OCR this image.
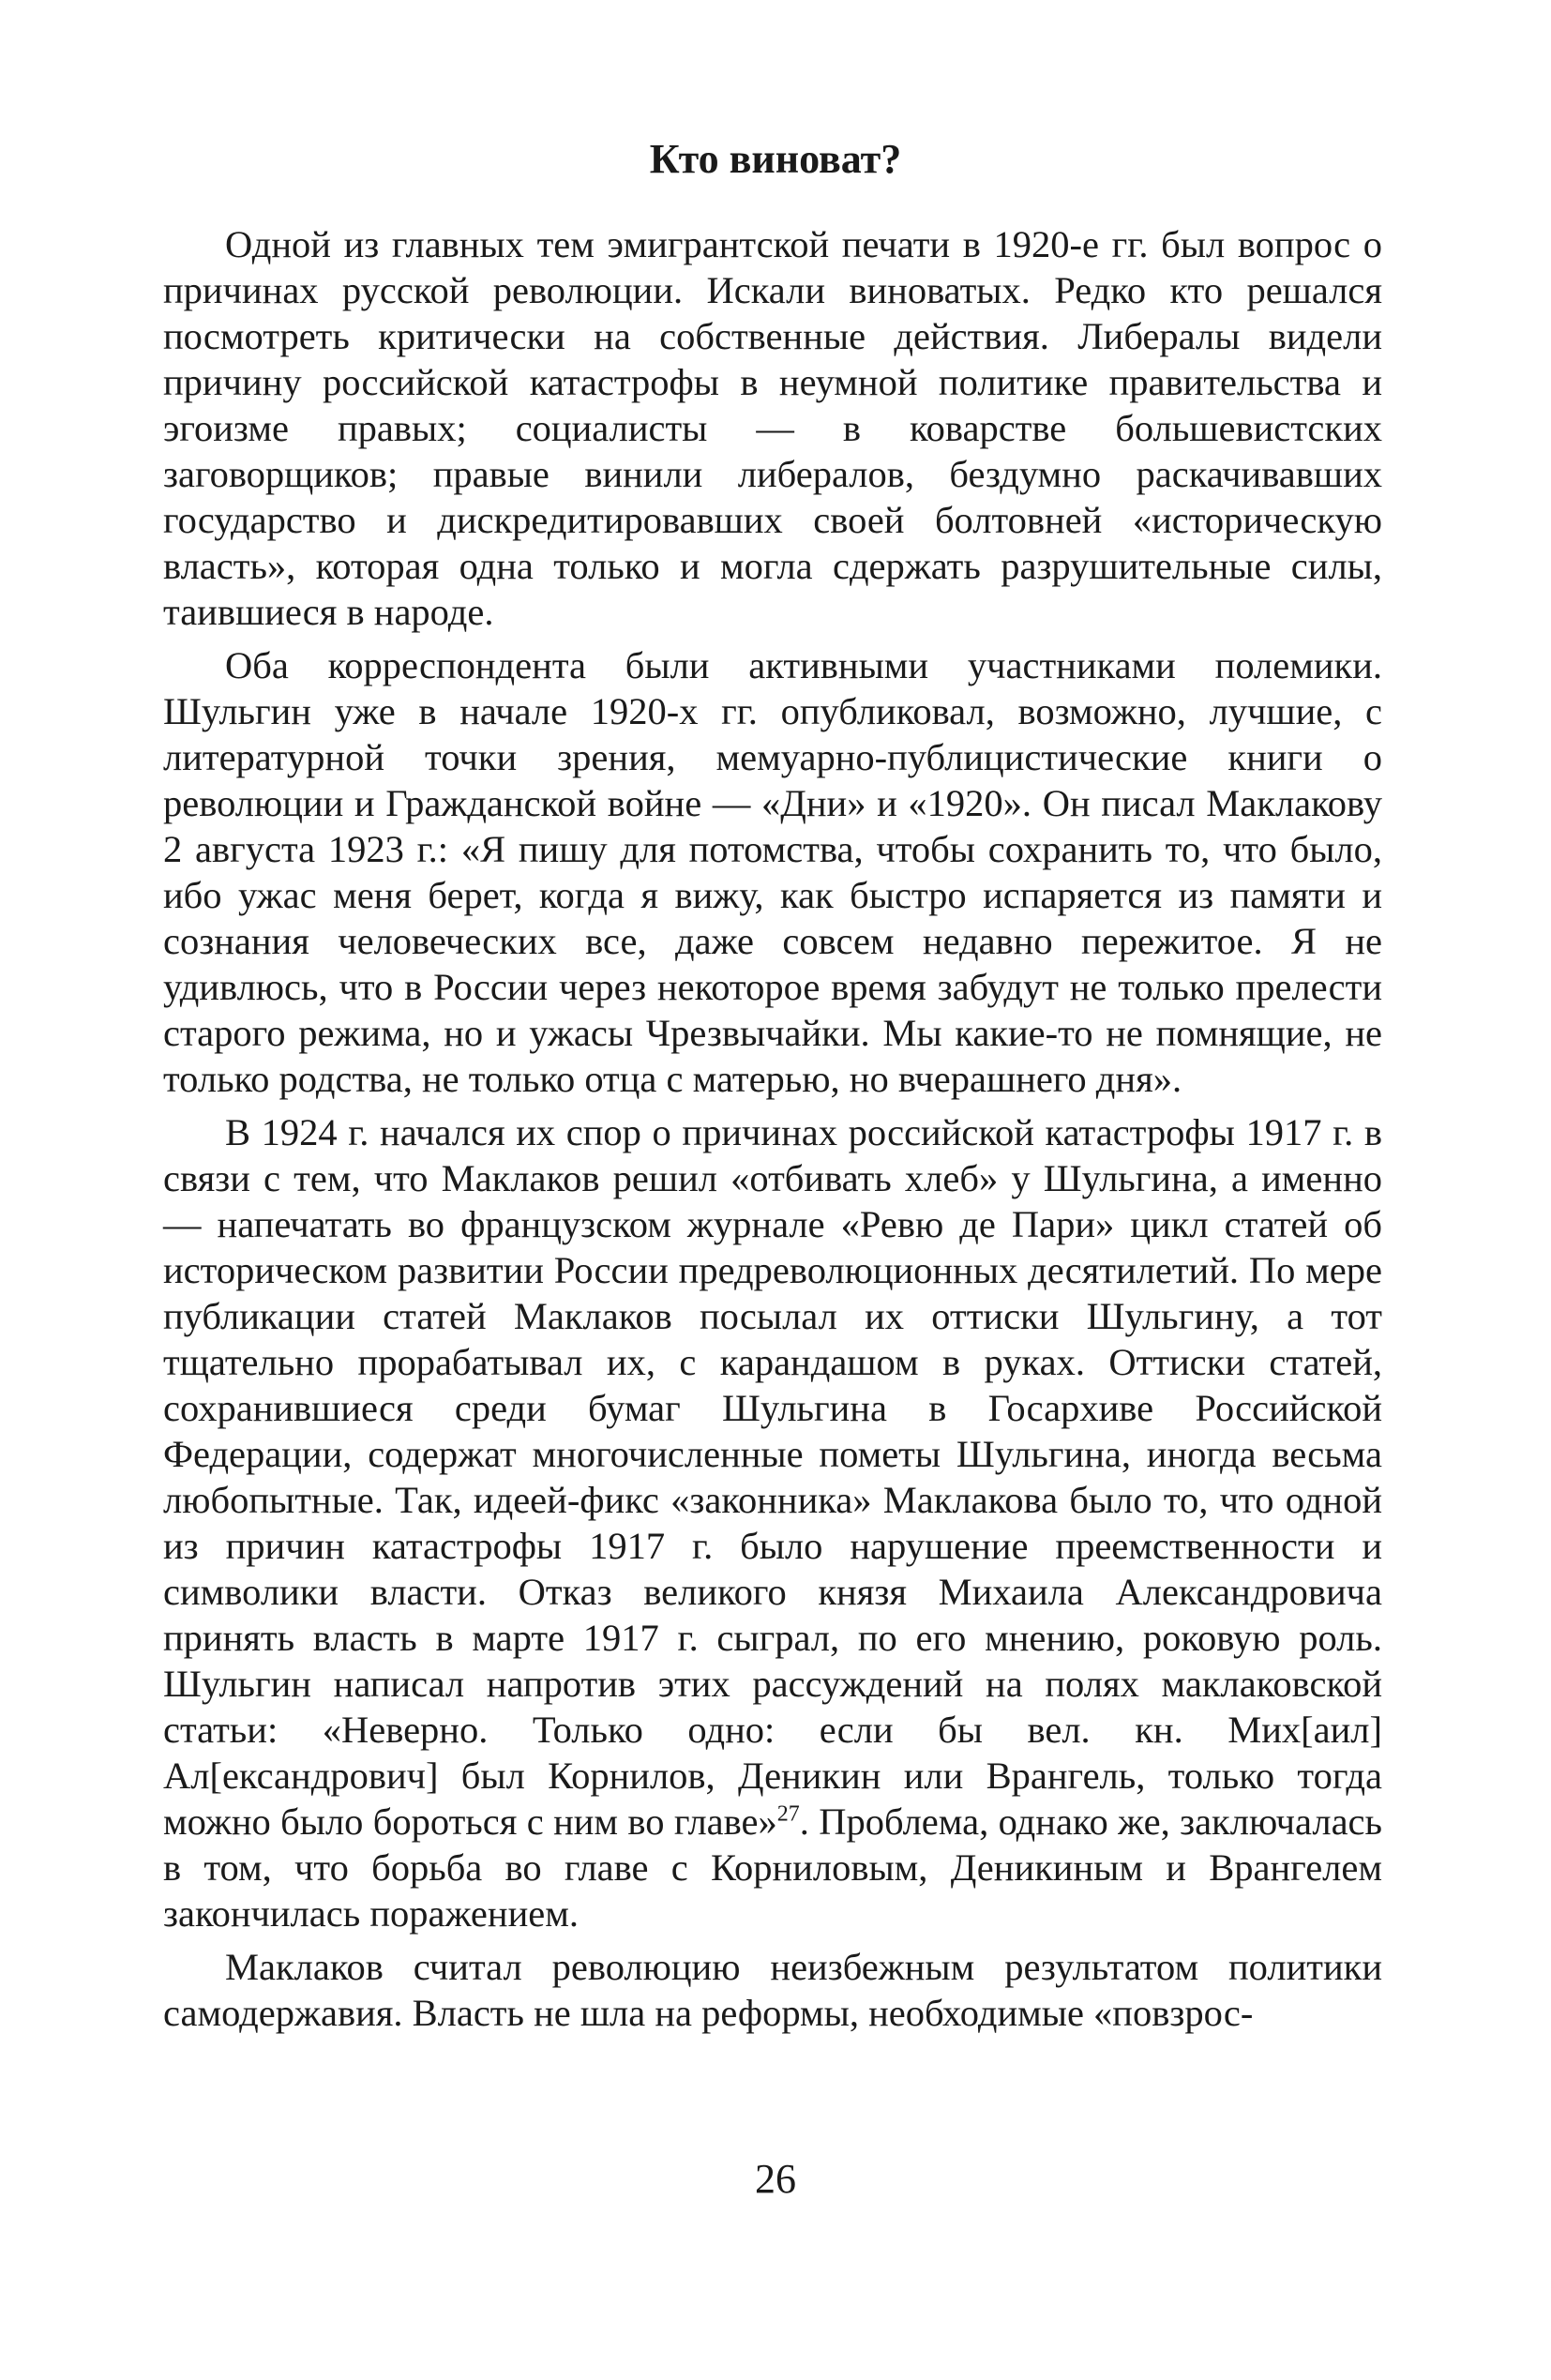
Кто виноват?

Одной из главных тем эмигрантской печати в 1920-е гг. был вопрос о причинах русской революции. Искали виноватых. Редко кто решался посмотреть критически на собственные действия. Либералы видели причину российской катастрофы в неумной политике правительства и эгоизме правых; социалисты — в коварстве большевистских заговорщиков; правые винили либералов, бездумно раскачивавших государство и дискредитировавших своей болтовней «историческую власть», которая одна только и могла сдержать разрушительные силы, таившиеся в народе.

Оба корреспондента были активными участниками полемики. Шульгин уже в начале 1920-х гг. опубликовал, возможно, лучшие, с литературной точки зрения, мемуарно-публицистические книги о революции и Гражданской войне — «Дни» и «1920». Он писал Маклакову 2 августа 1923 г.: «Я пишу для потомства, чтобы сохранить то, что было, ибо ужас меня берет, когда я вижу, как быстро испаряется из памяти и сознания человеческих все, даже совсем недавно пережитое. Я не удивлюсь, что в России через некоторое время забудут не только прелести старого режима, но и ужасы Чрезвычайки. Мы какие-то не помнящие, не только родства, не только отца с матерью, но вчерашнего дня».

В 1924 г. начался их спор о причинах российской катастрофы 1917 г. в связи с тем, что Маклаков решил «отбивать хлеб» у Шульгина, а именно — напечатать во французском журнале «Ревю де Пари» цикл статей об историческом развитии России предреволюционных десятилетий. По мере публикации статей Маклаков посылал их оттиски Шульгину, а тот тщательно прорабатывал их, с карандашом в руках. Оттиски статей, сохранившиеся среди бумаг Шульгина в Госархиве Российской Федерации, содержат многочисленные пометы Шульгина, иногда весьма любопытные. Так, идеей-фикс «законника» Маклакова было то, что одной из причин катастрофы 1917 г. было нарушение преемственности и символики власти. Отказ великого князя Михаила Александровича принять власть в марте 1917 г. сыграл, по его мнению, роковую роль. Шульгин написал напротив этих рассуждений на полях маклаковской статьи: «Неверно. Только одно: если бы вел. кн. Мих[аил] Ал[ександрович] был Корнилов, Деникин или Врангель, только тогда можно было бороться с ним во главе»$^{27}$. Проблема, однако же, заключалась в том, что борьба во главе с Корниловым, Деникиным и Врангелем закончилась поражением.

Маклаков считал революцию неизбежным результатом политики самодержавия. Власть не шла на реформы, необходимые «повзрос-

26
